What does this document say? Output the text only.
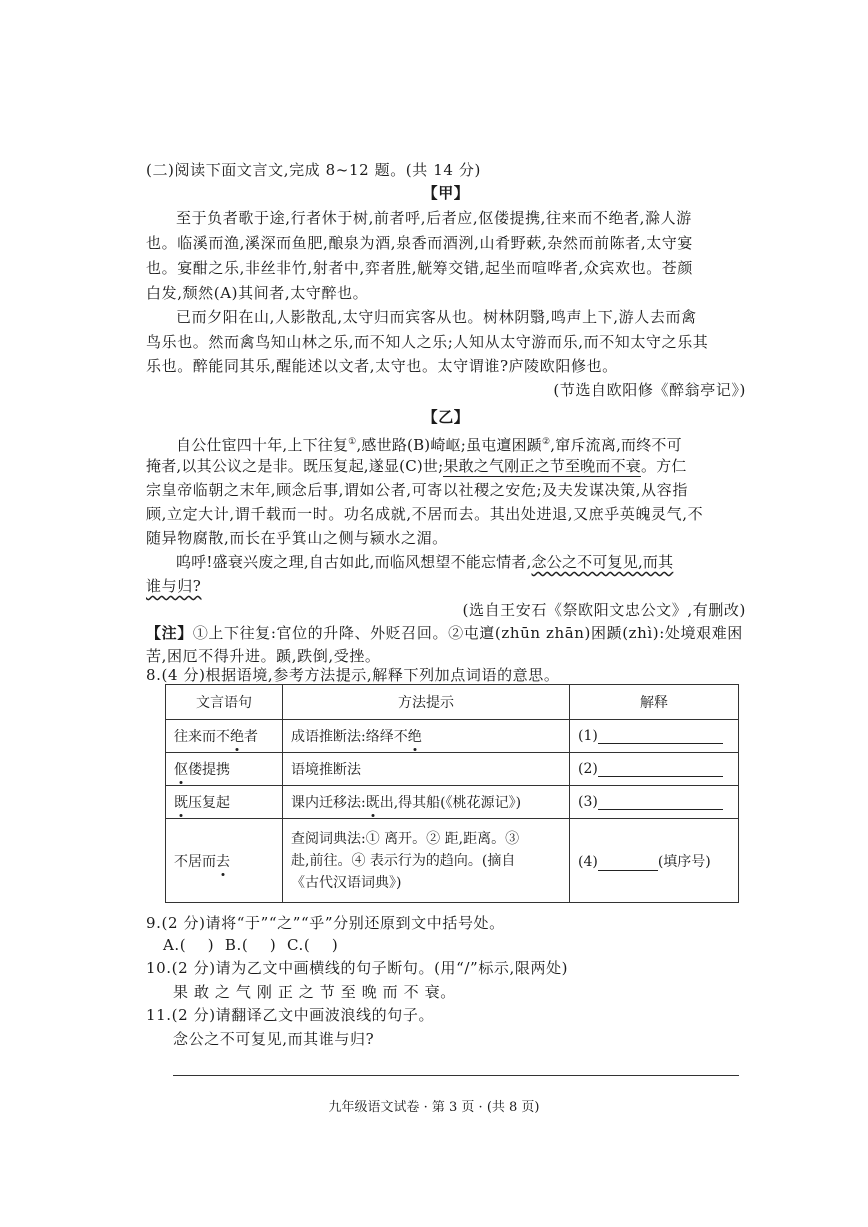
(二)阅读下面文言文,完成 8~12 题。(共 14 分)
【甲】
至于负者歌于途,行者休于树,前者呼,后者应,伛偻提携,往来而不绝者,滁人游
也。临溪而渔,溪深而鱼肥,酿泉为酒,泉香而酒洌,山肴野蔌,杂然而前陈者,太守宴
也。宴酣之乐,非丝非竹,射者中,弈者胜,觥筹交错,起坐而喧哗者,众宾欢也。苍颜
白发,颓然(A)其间者,太守醉也。
已而夕阳在山,人影散乱,太守归而宾客从也。树林阴翳,鸣声上下,游人去而禽
鸟乐也。然而禽鸟知山林之乐,而不知人之乐;人知从太守游而乐,而不知太守之乐其
乐也。醉能同其乐,醒能述以文者,太守也。太守谓谁?庐陵欧阳修也。
(节选自欧阳修《醉翁亭记》)
【乙】
自公仕宦四十年,上下往复①,感世路(B)崎岖;虽屯邅困踬②,窜斥流离,而终不可
掩者,以其公议之是非。既压复起,遂显(C)世;果敢之气刚正之节至晚而不衰。方仁
宗皇帝临朝之末年,顾念后事,谓如公者,可寄以社稷之安危;及夫发谋决策,从容指
顾,立定大计,谓千载而一时。功名成就,不居而去。其出处进退,又庶乎英魄灵气,不
随异物腐散,而长在乎箕山之侧与颍水之湄。
呜呼!盛衰兴废之理,自古如此,而临风想望不能忘情者,念公之不可复见,而其
谁与归?
(选自王安石《祭欧阳文忠公文》,有删改)
【注】①上下往复:官位的升降、外贬召回。②屯邅(zhūn zhān)困踬(zhì):处境艰难困
苦,困厄不得升进。踬,跌倒,受挫。
8.(4 分)根据语境,参考方法提示,解释下列加点词语的意思。
文言语句	方法提示	解释
往来而不绝者	成语推断法:络绎不绝	(1)
伛偻提携	语境推断法	(2)
既压复起	课内迁移法:既出,得其船(《桃花源记》)	(3)
不居而去	查阅词典法:① 离开。② 距,距离。③
赴,前往。④ 表示行为的趋向。(摘自
《古代汉语词典》)	(4) (填序号)
9.(2 分)请将“于”“之”“乎”分别还原到文中括号处。
A.(    )  B.(    )  C.(    )
10.(2 分)请为乙文中画横线的句子断句。(用“/”标示,限两处)
果 敢 之 气 刚 正 之 节 至 晚 而 不 衰。
11.(2 分)请翻译乙文中画波浪线的句子。
念公之不可复见,而其谁与归?
九年级语文试卷 · 第 3 页 · (共 8 页)
